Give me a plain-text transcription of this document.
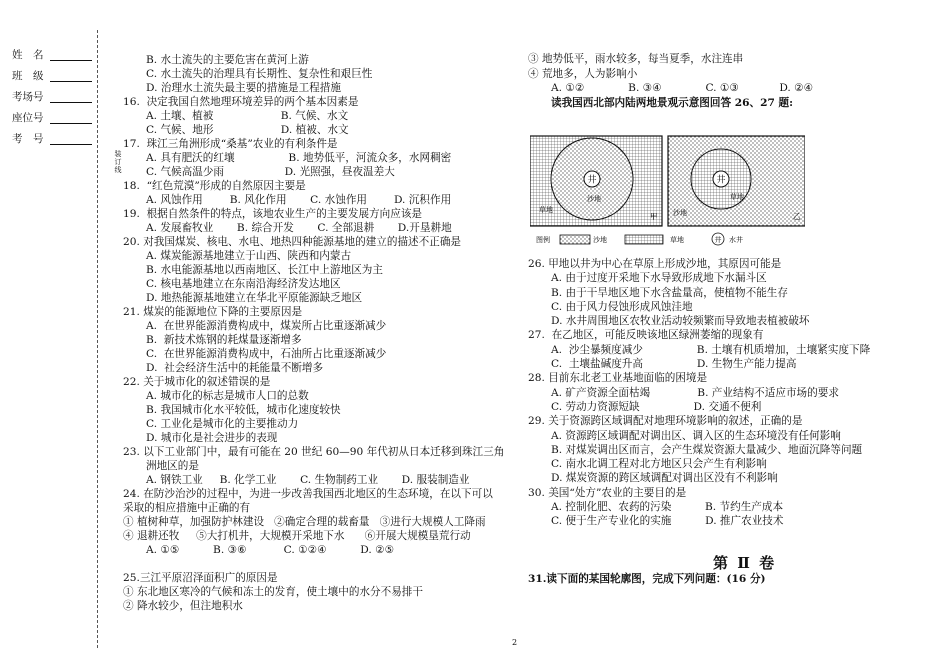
姓　名
班　级
考场号
座位号
考　号
装订线
B. 水土流失的主要危害在黄河上游
C. 水土流失的治理具有长期性、复杂性和艰巨性
D. 治理水土流失最主要的措施是工程措施
16.  决定我国自然地理环境差异的两个基本因素是
A. 土壤、植被                    B. 气候、水文
C. 气候、地形                    D. 植被、水文
17.  珠江三角洲形成“桑基”农业的有利条件是
A. 具有肥沃的红壤                B. 地势低平，河流众多，水网稠密
C. 气候高温少雨                  D. 光照强，昼夜温差大
18.  “红色荒漠”形成的自然原因主要是
A. 风蚀作用        B. 风化作用       C. 水蚀作用        D. 沉积作用
19.  根据自然条件的特点，该地农业生产的主要发展方向应该是
A. 发展畜牧业       B. 综合开发       C. 全部退耕       D.开垦耕地
20. 对我国煤炭、核电、水电、地热四种能源基地的建立的描述不正确是
A. 煤炭能源基地建立于山西、陕西和内蒙古
B. 水电能源基地以西南地区、长江中上游地区为主
C. 核电基地建立在东南沿海经济发达地区
D. 地热能源基地建立在华北平原能源缺乏地区
21. 煤炭的能源地位下降的主要原因是
A.  在世界能源消费构成中，煤炭所占比重逐渐减少
B.  新技术炼钢的耗煤量逐渐增多
C.  在世界能源消费构成中，石油所占比重逐渐减少
D.  社会经济生活中的耗能量不断增多
22. 关于城市化的叙述错误的是
A. 城市化的标志是城市人口的总数
B. 我国城市化水平较低，城市化速度较快
C. 工业化是城市化的主要推动力
D. 城市化是社会进步的表现
23. 以下工业部门中，最有可能在 20 世纪 60—90 年代初从日本迁移到珠江三角
洲地区的是
A. 钢铁工业     B. 化学工业       C. 生物制药工业       D. 服装制造业
24. 在防沙治沙的过程中，为进一步改善我国西北地区的生态环境，在以下可以
采取的相应措施中正确的有
① 植树种草，加强防护林建设   ②确定合理的载畜量   ③进行大规模人工降雨
④ 退耕还牧     ⑤大打机井，大规模开采地下水      ⑥开展大规模垦荒行动
A. ①⑤          B. ③⑥           C. ①②④          D. ②⑤
25.三江平原沼泽面积广的原因是
① 东北地区寒冷的气候和冻土的发育，使土壤中的水分不易排干
② 降水较少，但注地积水
③ 地势低平，雨水较多，每当夏季，水注连串
④ 荒地多，人为影响小
A. ①②             B. ③④             C. ①③            D. ②④
读我国西北部内陆两地景观示意图回答 26、27 题:
井
沙地
草地
甲
井
草地
沙地	乙
图例	沙地	草地	井 水井
26. 甲地以井为中心在草原上形成沙地，其原因可能是
A. 由于过度开采地下水导致形成地下水漏斗区
B. 由于干旱地区地下水含盐量高，使植物不能生存
C. 由于风力侵蚀形成风蚀洼地
D. 水井周围地区农牧业活动较频繁而导致地表植被破坏
27.  在乙地区，可能反映该地区绿洲萎缩的现象有
A.  沙尘暴频度减少                B. 土壤有机质增加，土壤紧实度下降
C.  土壤盐碱度升高                D. 生物生产能力提高
28. 目前东北老工业基地面临的困境是
A. 矿产资源全面枯竭              B. 产业结构不适应市场的要求
C. 劳动力资源短缺                D. 交通不便利
29. 关于资源跨区域调配对地理环境影响的叙述，正确的是
A. 资源跨区域调配对调出区、调入区的生态环境没有任何影响
B. 对煤炭调出区而言，会产生煤炭资源大量减少、地面沉降等问题
C. 南水北调工程对北方地区只会产生有利影响
D. 煤炭资源的跨区域调配对调出区没有不利影响
30. 美国“处方”农业的主要目的是
A. 控制化肥、农药的污染          B. 节约生产成本
C. 便于生产专业化的实施          D. 推广农业技术
第 Ⅱ 卷
31.读下面的某国轮廓图，完成下列问题：(16 分)
2
